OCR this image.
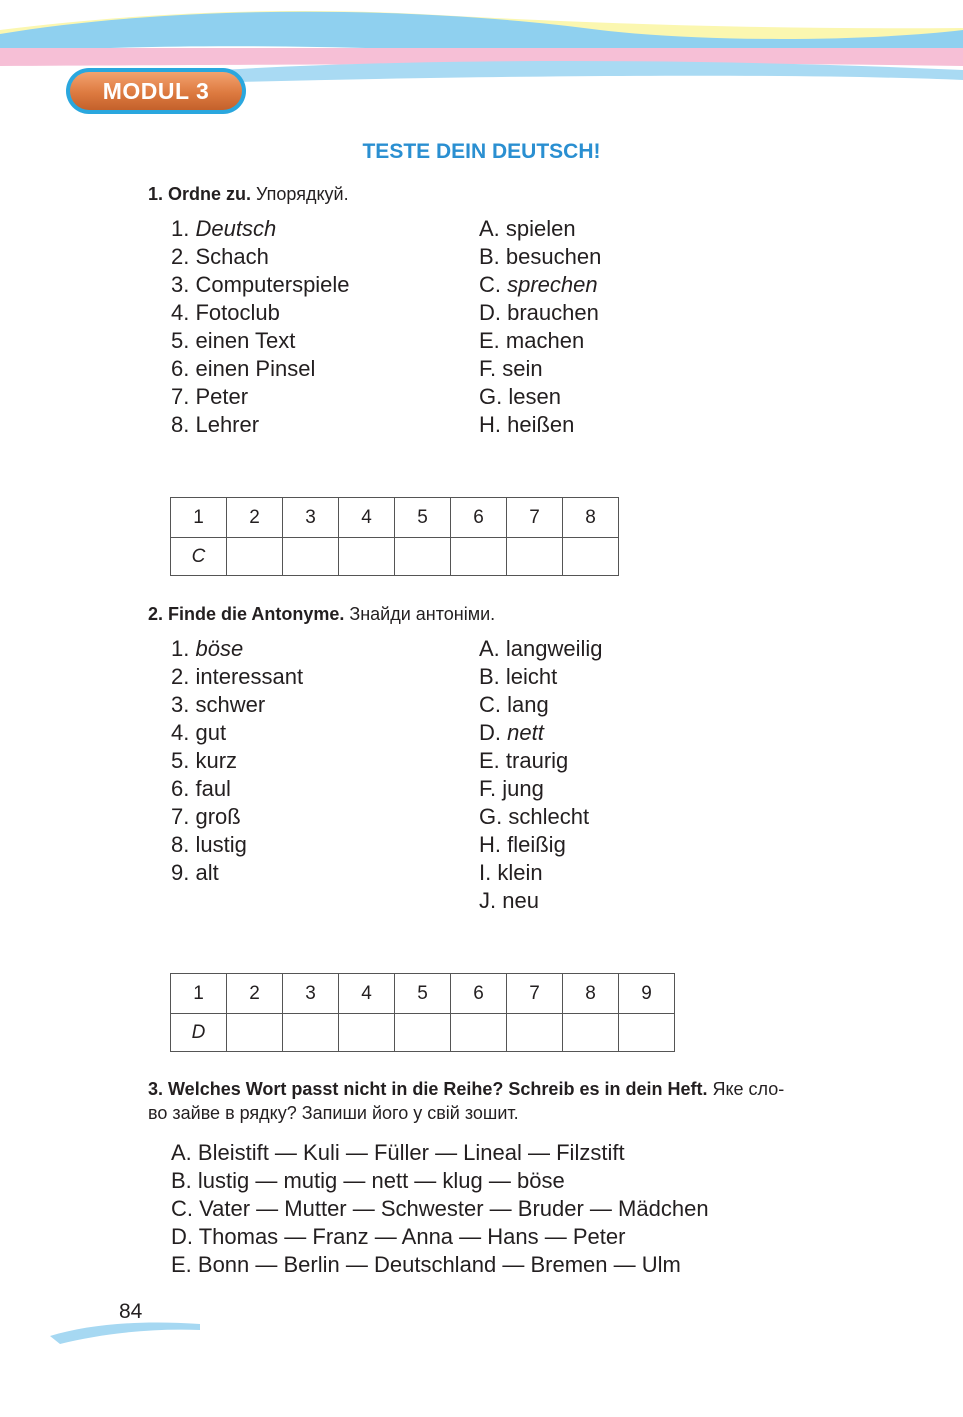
MODUL 3
TESTE DEIN DEUTSCH!
1. Ordne zu. Упорядкуй.
1. Deutsch
2. Schach
3. Computerspiele
4. Fotoclub
5. einen Text
6. einen Pinsel
7. Peter
8. Lehrer
A. spielen
B. besuchen
C. sprechen
D. brauchen
E. machen
F. sein
G. lesen
H. heißen
1	2	3	4	5	6	7	8
C							
2. Finde die Antonyme. Знайди антоніми.
1. böse
2. interessant
3. schwer
4. gut
5. kurz
6. faul
7. groß
8. lustig
9. alt
A. langweilig
B. leicht
C. lang
D. nett
E. traurig
F. jung
G. schlecht
H. fleißig
I. klein
J. neu
1	2	3	4	5	6	7	8	9
D								
3. Welches Wort passt nicht in die Reihe? Schreib es in dein Heft. Яке сло-
во зайве в рядку? Запиши його у свій зошит.
A. Bleistift — Kuli — Füller — Lineal — Filzstift
B. lustig — mutig — nett — klug — böse
C. Vater — Mutter — Schwester — Bruder — Mädchen
D. Thomas — Franz — Anna — Hans — Peter
E. Bonn — Berlin — Deutschland — Bremen — Ulm
84
